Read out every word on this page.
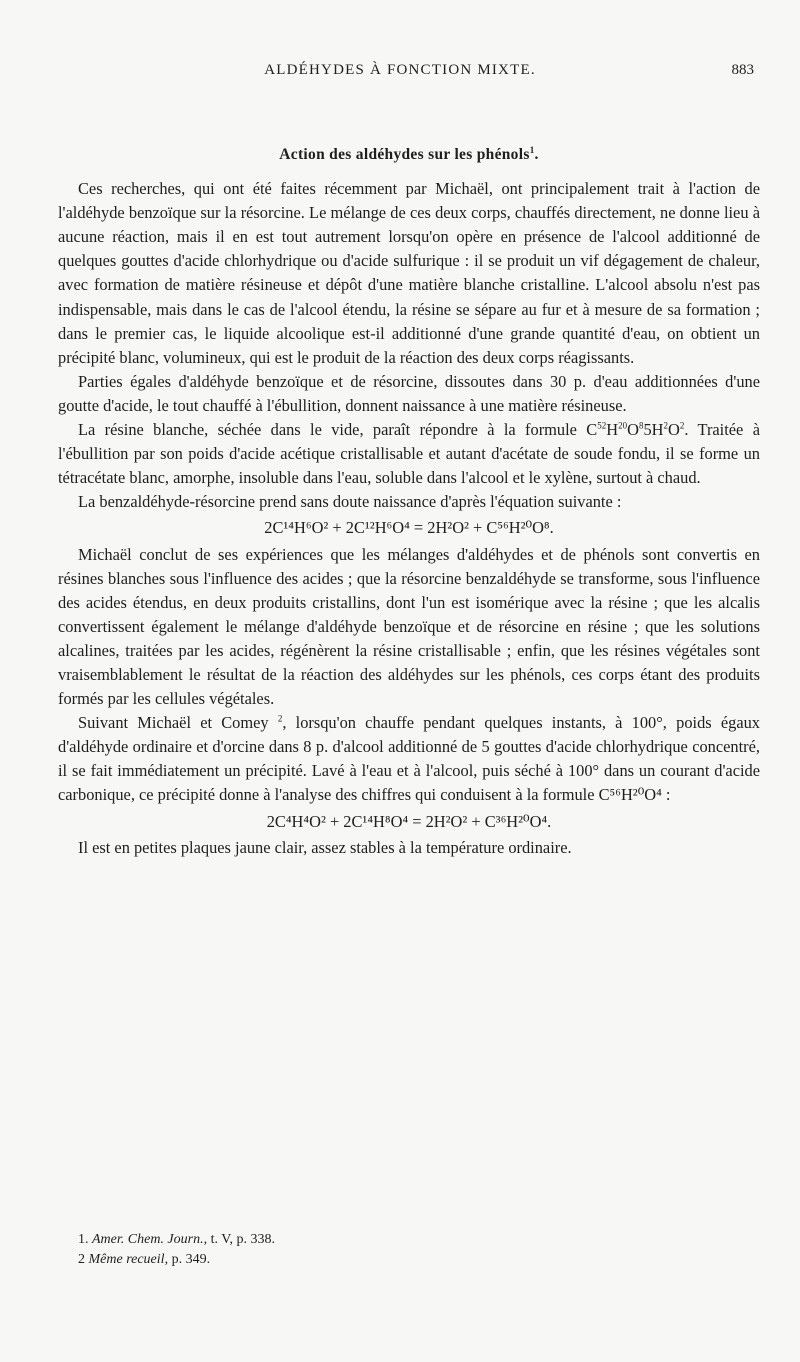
ALDÉHYDES À FONCTION MIXTE.	883

Action des aldéhydes sur les phénols$^1$.

Ces recherches, qui ont été faites récemment par Michaël, ont principalement trait à l'action de l'aldéhyde benzoïque sur la résorcine. Le mélange de ces deux corps, chauffés directement, ne donne lieu à aucune réaction, mais il en est tout autrement lorsqu'on opère en présence de l'alcool additionné de quelques gouttes d'acide chlorhydrique ou d'acide sulfurique : il se produit un vif dégagement de chaleur, avec formation de matière résineuse et dépôt d'une matière blanche cristalline. L'alcool absolu n'est pas indispensable, mais dans le cas de l'alcool étendu, la résine se sépare au fur et à mesure de sa formation ; dans le premier cas, le liquide alcoolique est-il additionné d'une grande quantité d'eau, on obtient un précipité blanc, volumineux, qui est le produit de la réaction des deux corps réagissants.

Parties égales d'aldéhyde benzoïque et de résorcine, dissoutes dans 30 p. d'eau additionnées d'une goutte d'acide, le tout chauffé à l'ébullition, donnent naissance à une matière résineuse.

La résine blanche, séchée dans le vide, paraît répondre à la formule $C^{52}H^{20}O^85H^2O^2$. Traitée à l'ébullition par son poids d'acide acétique cristallisable et autant d'acétate de soude fondu, il se forme un tétracétate blanc, amorphe, insoluble dans l'eau, soluble dans l'alcool et le xylène, surtout à chaud.

La benzaldéhyde-résorcine prend sans doute naissance d'après l'équation suivante :

2C¹⁴H⁶O² + 2C¹²H⁶O⁴ = 2H²O² + C⁵⁶H²⁰O⁸.

Michaël conclut de ses expériences que les mélanges d'aldéhydes et de phénols sont convertis en résines blanches sous l'influence des acides ; que la résorcine benzaldéhyde se transforme, sous l'influence des acides étendus, en deux produits cristallins, dont l'un est isomérique avec la résine ; que les alcalis convertissent également le mélange d'aldéhyde benzoïque et de résorcine en résine ; que les solutions alcalines, traitées par les acides, régénèrent la résine cristallisable ; enfin, que les résines végétales sont vraisemblablement le résultat de la réaction des aldéhydes sur les phénols, ces corps étant des produits formés par les cellules végétales.

Suivant Michaël et Comey $^2$, lorsqu'on chauffe pendant quelques instants, à 100°, poids égaux d'aldéhyde ordinaire et d'orcine dans 8 p. d'alcool additionné de 5 gouttes d'acide chlorhydrique concentré, il se fait immédiatement un précipité. Lavé à l'eau et à l'alcool, puis séché à 100° dans un courant d'acide carbonique, ce précipité donne à l'analyse des chiffres qui conduisent à la formule C⁵⁶H²⁰O⁴ :

2C⁴H⁴O² + 2C¹⁴H⁸O⁴ = 2H²O² + C³⁶H²⁰O⁴.

Il est en petites plaques jaune clair, assez stables à la température ordinaire.

1. Amer. Chem. Journ., t. V, p. 338.

2 Même recueil, p. 349.
